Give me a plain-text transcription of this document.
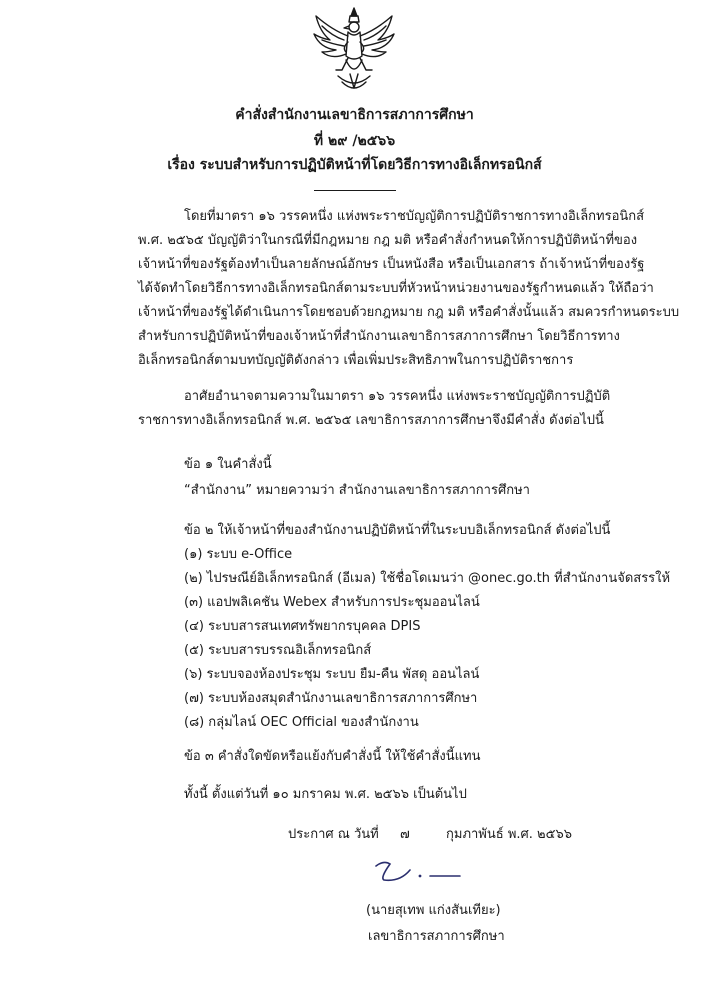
คำสั่งสำนักงานเลขาธิการสภาการศึกษา
ที่ ๒๙ /๒๕๖๖
เรื่อง ระบบสำหรับการปฏิบัติหน้าที่โดยวิธีการทางอิเล็กทรอนิกส์
โดยที่มาตรา ๑๖ วรรคหนึ่ง แห่งพระราชบัญญัติการปฏิบัติราชการทางอิเล็กทรอนิกส์
พ.ศ. ๒๕๖๕ บัญญัติว่าในกรณีที่มีกฎหมาย กฎ มติ หรือคำสั่งกำหนดให้การปฏิบัติหน้าที่ของ
เจ้าหน้าที่ของรัฐต้องทำเป็นลายลักษณ์อักษร เป็นหนังสือ หรือเป็นเอกสาร ถ้าเจ้าหน้าที่ของรัฐ
ได้จัดทำโดยวิธีการทางอิเล็กทรอนิกส์ตามระบบที่หัวหน้าหน่วยงานของรัฐกำหนดแล้ว ให้ถือว่า
เจ้าหน้าที่ของรัฐได้ดำเนินการโดยชอบด้วยกฎหมาย กฎ มติ หรือคำสั่งนั้นแล้ว สมควรกำหนดระบบ
สำหรับการปฏิบัติหน้าที่ของเจ้าหน้าที่สำนักงานเลขาธิการสภาการศึกษา โดยวิธีการทาง
อิเล็กทรอนิกส์ตามบทบัญญัติดังกล่าว เพื่อเพิ่มประสิทธิภาพในการปฏิบัติราชการ
อาศัยอำนาจตามความในมาตรา ๑๖ วรรคหนึ่ง แห่งพระราชบัญญัติการปฏิบัติ
ราชการทางอิเล็กทรอนิกส์ พ.ศ. ๒๕๖๕ เลขาธิการสภาการศึกษาจึงมีคำสั่ง ดังต่อไปนี้
ข้อ ๑ ในคำสั่งนี้
“สำนักงาน” หมายความว่า สำนักงานเลขาธิการสภาการศึกษา
ข้อ ๒ ให้เจ้าหน้าที่ของสำนักงานปฏิบัติหน้าที่ในระบบอิเล็กทรอนิกส์ ดังต่อไปนี้
(๑) ระบบ e-Office
(๒) ไปรษณีย์อิเล็กทรอนิกส์ (อีเมล) ใช้ชื่อโดเมนว่า @onec.go.th ที่สำนักงานจัดสรรให้
(๓) แอปพลิเคชัน Webex สำหรับการประชุมออนไลน์
(๔) ระบบสารสนเทศทรัพยากรบุคคล DPIS
(๕) ระบบสารบรรณอิเล็กทรอนิกส์
(๖) ระบบจองห้องประชุม ระบบ ยืม-คืน พัสดุ ออนไลน์
(๗) ระบบห้องสมุดสำนักงานเลขาธิการสภาการศึกษา
(๘) กลุ่มไลน์ OEC Official ของสำนักงาน
ข้อ ๓ คำสั่งใดขัดหรือแย้งกับคำสั่งนี้ ให้ใช้คำสั่งนี้แทน
ทั้งนี้ ตั้งแต่วันที่ ๑๐ มกราคม พ.ศ. ๒๕๖๖ เป็นต้นไป
ประกาศ ณ วันที่ ๗	กุมภาพันธ์ พ.ศ. ๒๕๖๖
(นายสุเทพ แก่งสันเทียะ)
เลขาธิการสภาการศึกษา
